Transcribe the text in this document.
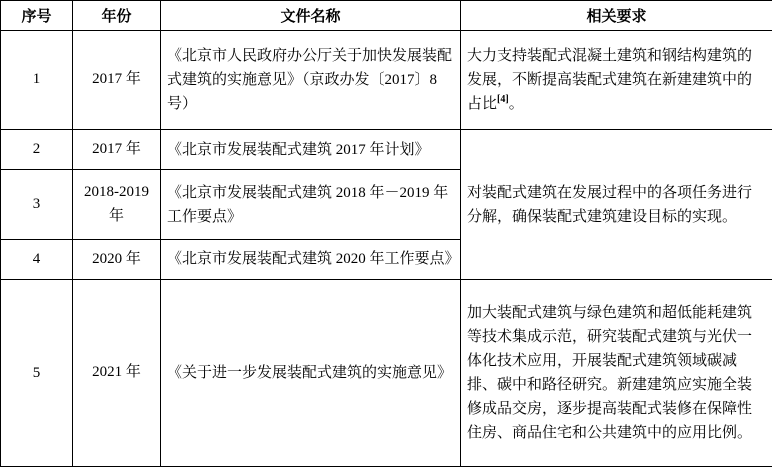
序号	年份	文件名称	相关要求
1	2017 年	《北京市人民政府办公厅关于加快发展装配式建筑的实施意见》（京政办发〔2017〕8 号）	大力支持装配式混凝土建筑和钢结构建筑的发展，不断提高装配式建筑在新建建筑中的占比[4]。
2	2017 年	《北京市发展装配式建筑 2017 年计划》	对装配式建筑在发展过程中的各项任务进行分解，确保装配式建筑建设目标的实现。
3	2018-2019 年	《北京市发展装配式建筑 2018 年－2019 年工作要点》	
4	2020 年	《北京市发展装配式建筑 2020 年工作要点》	
5	2021 年	《关于进一步发展装配式建筑的实施意见》	加大装配式建筑与绿色建筑和超低能耗建筑等技术集成示范，研究装配式建筑与光伏一体化技术应用，开展装配式建筑领域碳减排、碳中和路径研究。新建建筑应实施全装修成品交房，逐步提高装配式装修在保障性住房、商品住宅和公共建筑中的应用比例。
